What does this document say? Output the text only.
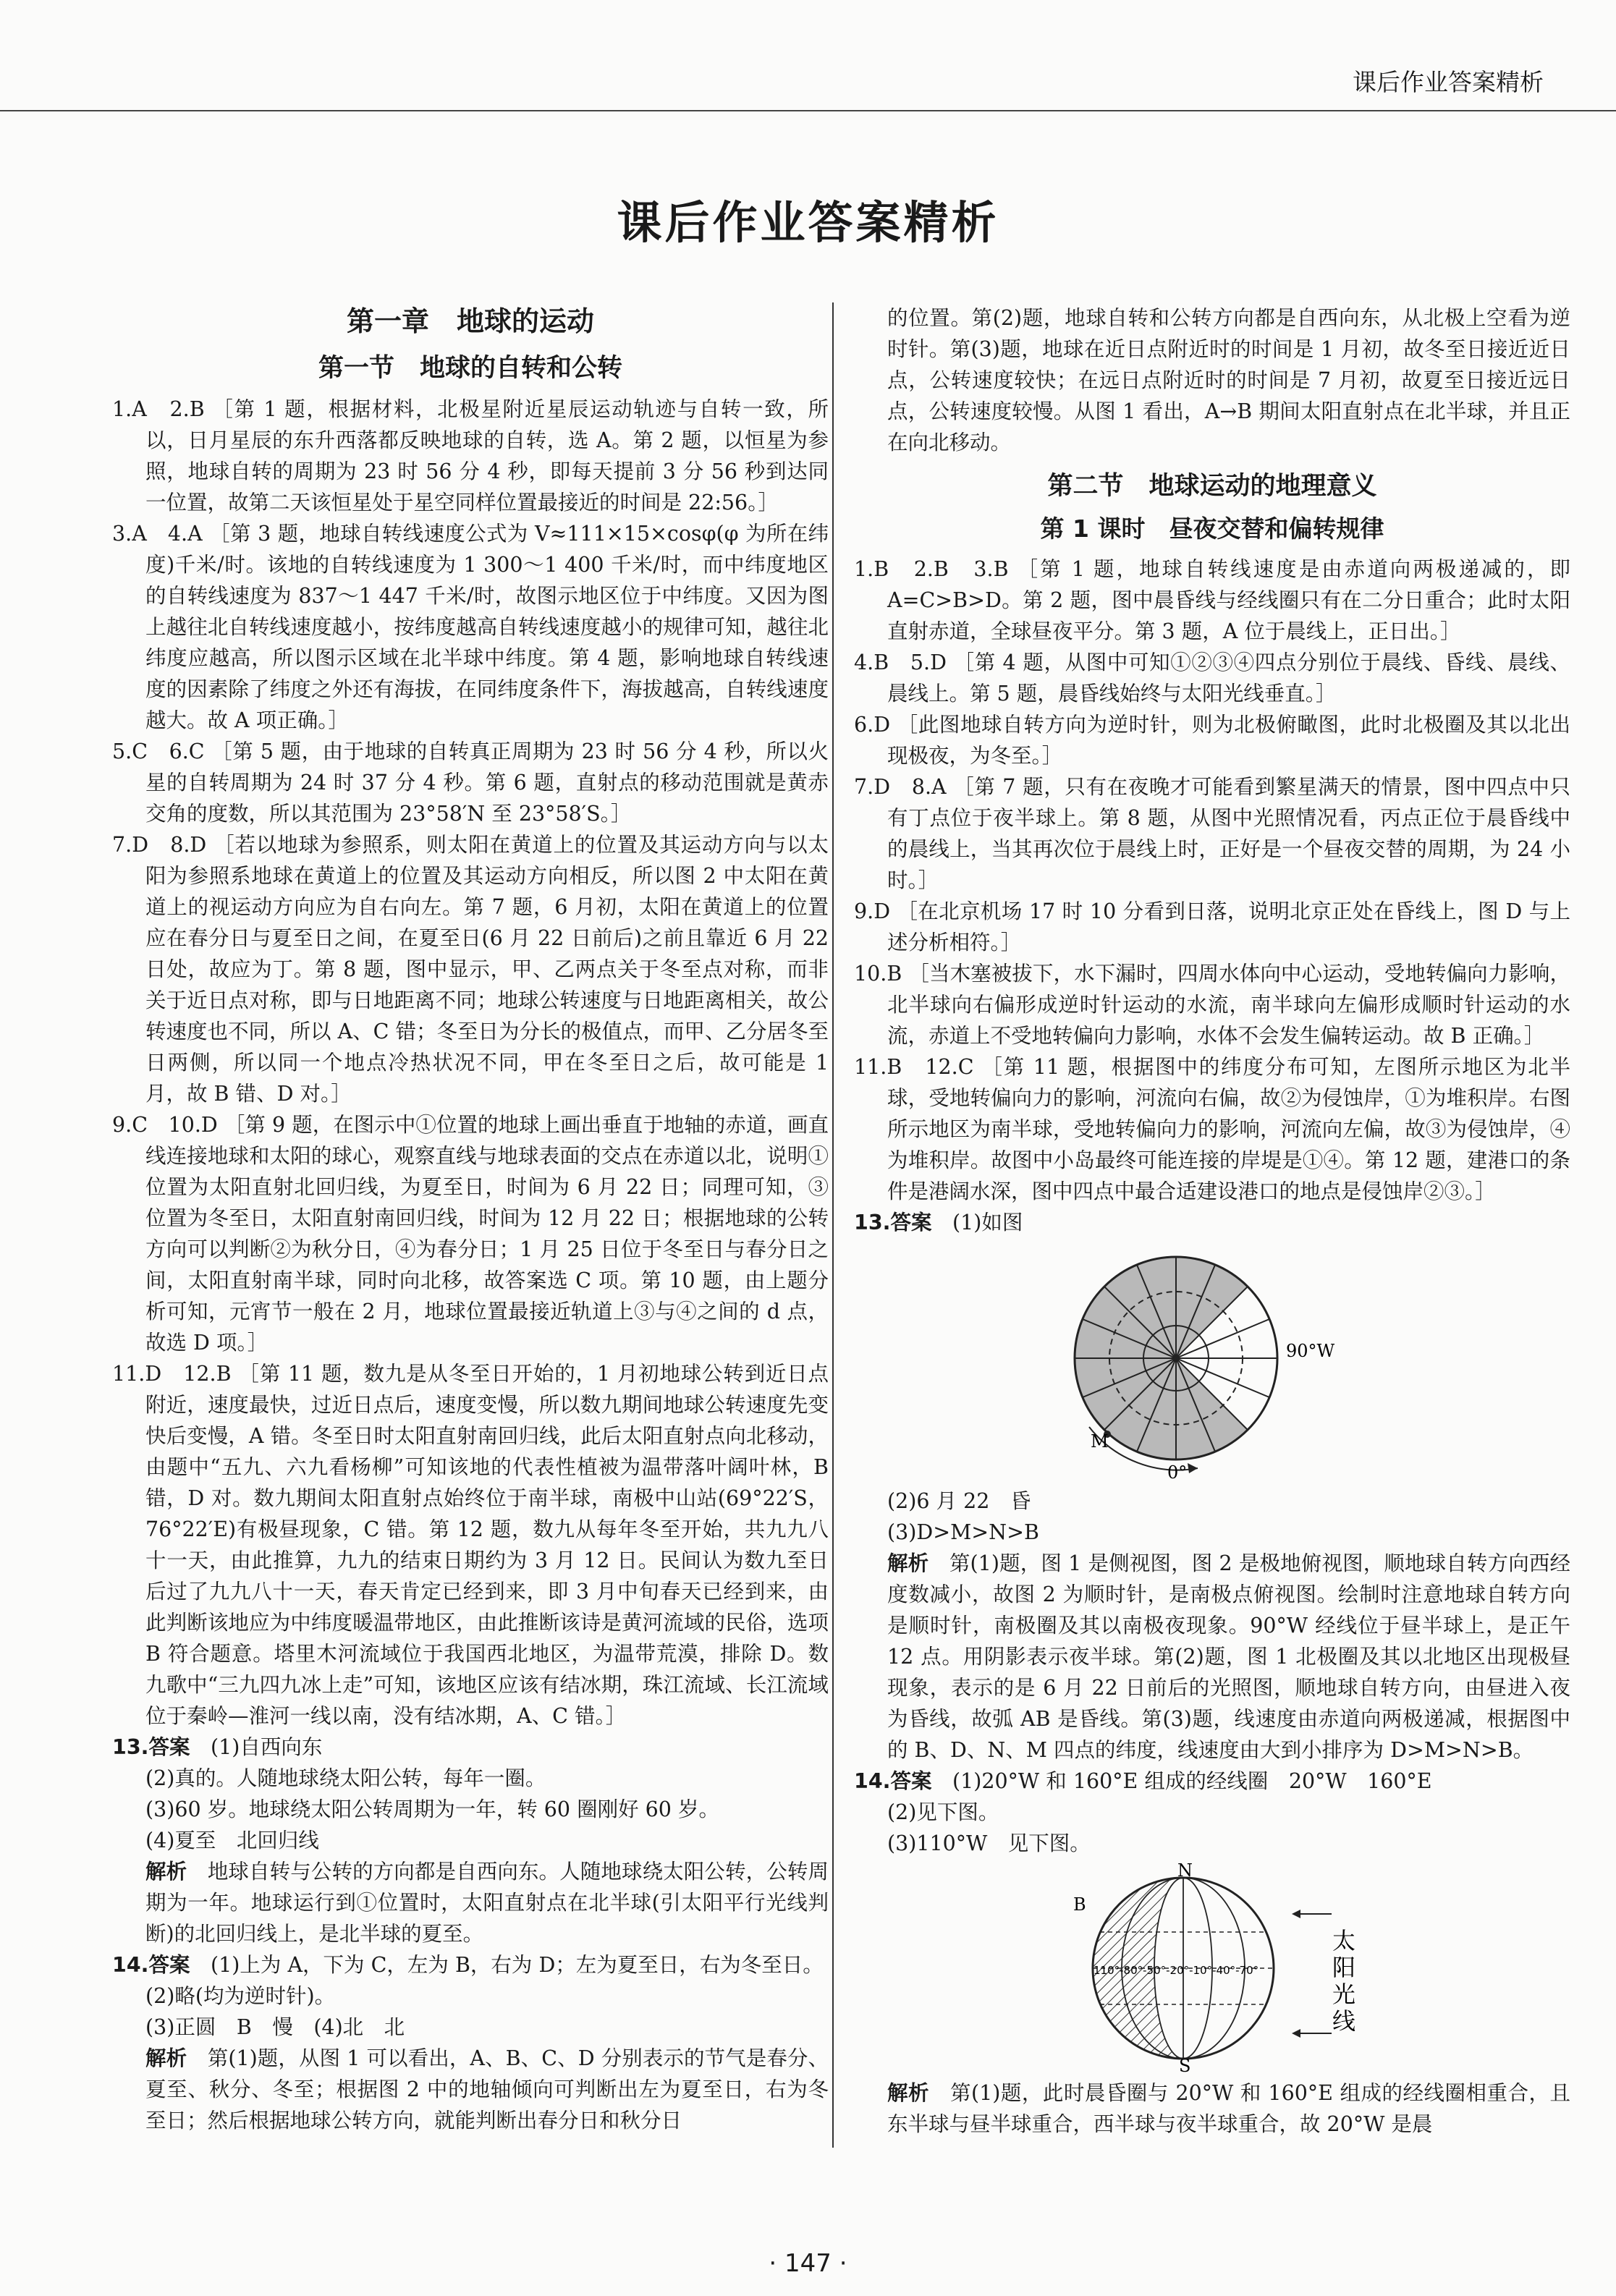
课后作业答案精析
课后作业答案精析
第一章　地球的运动
第一节　地球的自转和公转

1.A　2.B ［第 1 题，根据材料，北极星附近星辰运动轨迹与自转一致，所以，日月星辰的东升西落都反映地球的自转，选 A。第 2 题，以恒星为参照，地球自转的周期为 23 时 56 分 4 秒，即每天提前 3 分 56 秒到达同一位置，故第二天该恒星处于星空同样位置最接近的时间是 22:56。］

3.A　4.A ［第 3 题，地球自转线速度公式为 V≈111×15×cosφ(φ 为所在纬度)千米/时。该地的自转线速度为 1 300～1 400 千米/时，而中纬度地区的自转线速度为 837～1 447 千米/时，故图示地区位于中纬度。又因为图上越往北自转线速度越小，按纬度越高自转线速度越小的规律可知，越往北纬度应越高，所以图示区域在北半球中纬度。第 4 题，影响地球自转线速度的因素除了纬度之外还有海拔，在同纬度条件下，海拔越高，自转线速度越大。故 A 项正确。］

5.C　6.C ［第 5 题，由于地球的自转真正周期为 23 时 56 分 4 秒，所以火星的自转周期为 24 时 37 分 4 秒。第 6 题，直射点的移动范围就是黄赤交角的度数，所以其范围为 23°58′N 至 23°58′S。］

7.D　8.D ［若以地球为参照系，则太阳在黄道上的位置及其运动方向与以太阳为参照系地球在黄道上的位置及其运动方向相反，所以图 2 中太阳在黄道上的视运动方向应为自右向左。第 7 题，6 月初，太阳在黄道上的位置应在春分日与夏至日之间，在夏至日(6 月 22 日前后)之前且靠近 6 月 22 日处，故应为丁。第 8 题，图中显示，甲、乙两点关于冬至点对称，而非关于近日点对称，即与日地距离不同；地球公转速度与日地距离相关，故公转速度也不同，所以 A、C 错；冬至日为分长的极值点，而甲、乙分居冬至日两侧，所以同一个地点冷热状况不同，甲在冬至日之后，故可能是 1 月，故 B 错、D 对。］

9.C　10.D ［第 9 题，在图示中①位置的地球上画出垂直于地轴的赤道，画直线连接地球和太阳的球心，观察直线与地球表面的交点在赤道以北，说明①位置为太阳直射北回归线，为夏至日，时间为 6 月 22 日；同理可知，③位置为冬至日，太阳直射南回归线，时间为 12 月 22 日；根据地球的公转方向可以判断②为秋分日，④为春分日；1 月 25 日位于冬至日与春分日之间，太阳直射南半球，同时向北移，故答案选 C 项。第 10 题，由上题分析可知，元宵节一般在 2 月，地球位置最接近轨道上③与④之间的 d 点，故选 D 项。］

11.D　12.B ［第 11 题，数九是从冬至日开始的，1 月初地球公转到近日点附近，速度最快，过近日点后，速度变慢，所以数九期间地球公转速度先变快后变慢，A 错。冬至日时太阳直射南回归线，此后太阳直射点向北移动，由题中“五九、六九看杨柳”可知该地的代表性植被为温带落叶阔叶林，B 错，D 对。数九期间太阳直射点始终位于南半球，南极中山站(69°22′S，76°22′E)有极昼现象，C 错。第 12 题，数九从每年冬至开始，共九九八十一天，由此推算，九九的结束日期约为 3 月 12 日。民间认为数九至日后过了九九八十一天，春天肯定已经到来，即 3 月中旬春天已经到来，由此判断该地应为中纬度暖温带地区，由此推断该诗是黄河流域的民俗，选项 B 符合题意。塔里木河流域位于我国西北地区，为温带荒漠，排除 D。数九歌中“三九四九冰上走”可知，该地区应该有结冰期，珠江流域、长江流域位于秦岭—淮河一线以南，没有结冰期，A、C 错。］

13.答案　 (1)自西向东

(2)真的。人随地球绕太阳公转，每年一圈。

(3)60 岁。地球绕太阳公转周期为一年，转 60 圈刚好 60 岁。

(4)夏至　北回归线

解析　 地球自转与公转的方向都是自西向东。人随地球绕太阳公转，公转周期为一年。地球运行到①位置时，太阳直射点在北半球(引太阳平行光线判断)的北回归线上，是北半球的夏至。

14.答案　 (1)上为 A，下为 C，左为 B，右为 D；左为夏至日，右为冬至日。

(2)略(均为逆时针)。

(3)正圆　B　慢　(4)北　北

解析　 第(1)题，从图 1 可以看出，A、B、C、D 分别表示的节气是春分、夏至、秋分、冬至；根据图 2 中的地轴倾向可判断出左为夏至日，右为冬至日；然后根据地球公转方向，就能判断出春分日和秋分日

的位置。第(2)题，地球自转和公转方向都是自西向东，从北极上空看为逆时针。第(3)题，地球在近日点附近时的时间是 1 月初，故冬至日接近近日点，公转速度较快；在远日点附近时的时间是 7 月初，故夏至日接近远日点，公转速度较慢。从图 1 看出，A→B 期间太阳直射点在北半球，并且正在向北移动。

第二节　地球运动的地理意义
第 1 课时　昼夜交替和偏转规律

1.B　2.B　3.B ［第 1 题，地球自转线速度是由赤道向两极递减的，即 A=C>B>D。第 2 题，图中晨昏线与经线圈只有在二分日重合；此时太阳直射赤道，全球昼夜平分。第 3 题，A 位于晨线上，正日出。］

4.B　5.D ［第 4 题，从图中可知①②③④四点分别位于晨线、昏线、晨线、晨线上。第 5 题，晨昏线始终与太阳光线垂直。］

6.D ［此图地球自转方向为逆时针，则为北极俯瞰图，此时北极圈及其以北出现极夜，为冬至。］

7.D　8.A ［第 7 题，只有在夜晚才可能看到繁星满天的情景，图中四点中只有丁点位于夜半球上。第 8 题，从图中光照情况看，丙点正位于晨昏线中的晨线上，当其再次位于晨线上时，正好是一个昼夜交替的周期，为 24 小时。］

9.D ［在北京机场 17 时 10 分看到日落，说明北京正处在昏线上，图 D 与上述分析相符。］

10.B ［当木塞被拔下，水下漏时，四周水体向中心运动，受地转偏向力影响，北半球向右偏形成逆时针运动的水流，南半球向左偏形成顺时针运动的水流，赤道上不受地转偏向力影响，水体不会发生偏转运动。故 B 正确。］

11.B　12.C ［第 11 题，根据图中的纬度分布可知，左图所示地区为北半球，受地转偏向力的影响，河流向右偏，故②为侵蚀岸，①为堆积岸。右图所示地区为南半球，受地转偏向力的影响，河流向左偏，故③为侵蚀岸，④为堆积岸。故图中小岛最终可能连接的岸堤是①④。第 12 题，建港口的条件是港阔水深，图中四点中最合适建设港口的地点是侵蚀岸②③。］

13.答案　 (1)如图

90°W
M
0°

(2)6 月 22　昏

(3)D>M>N>B

解析　 第(1)题，图 1 是侧视图，图 2 是极地俯视图，顺地球自转方向西经度数减小，故图 2 为顺时针，是南极点俯视图。绘制时注意地球自转方向是顺时针，南极圈及其以南极夜现象。90°W 经线位于昼半球上，是正午 12 点。用阴影表示夜半球。第(2)题，图 1 北极圈及其以北地区出现极昼现象，表示的是 6 月 22 日前后的光照图，顺地球自转方向，由昼进入夜为昏线，故弧 AB 是昏线。第(3)题，线速度由赤道向两极递减，根据图中的 B、D、N、M 四点的纬度，线速度由大到小排序为 D>M>N>B。

14.答案　 (1)20°W 和 160°E 组成的经线圈　20°W　160°E

(2)见下图。

(3)110°W　见下图。

N
S
B
110°-80°-50°-20°-10°-40°-70°
太
阳
光
线

解析　 第(1)题，此时晨昏圈与 20°W 和 160°E 组成的经线圈相重合，且东半球与昼半球重合，西半球与夜半球重合，故 20°W 是晨

· 147 ·
